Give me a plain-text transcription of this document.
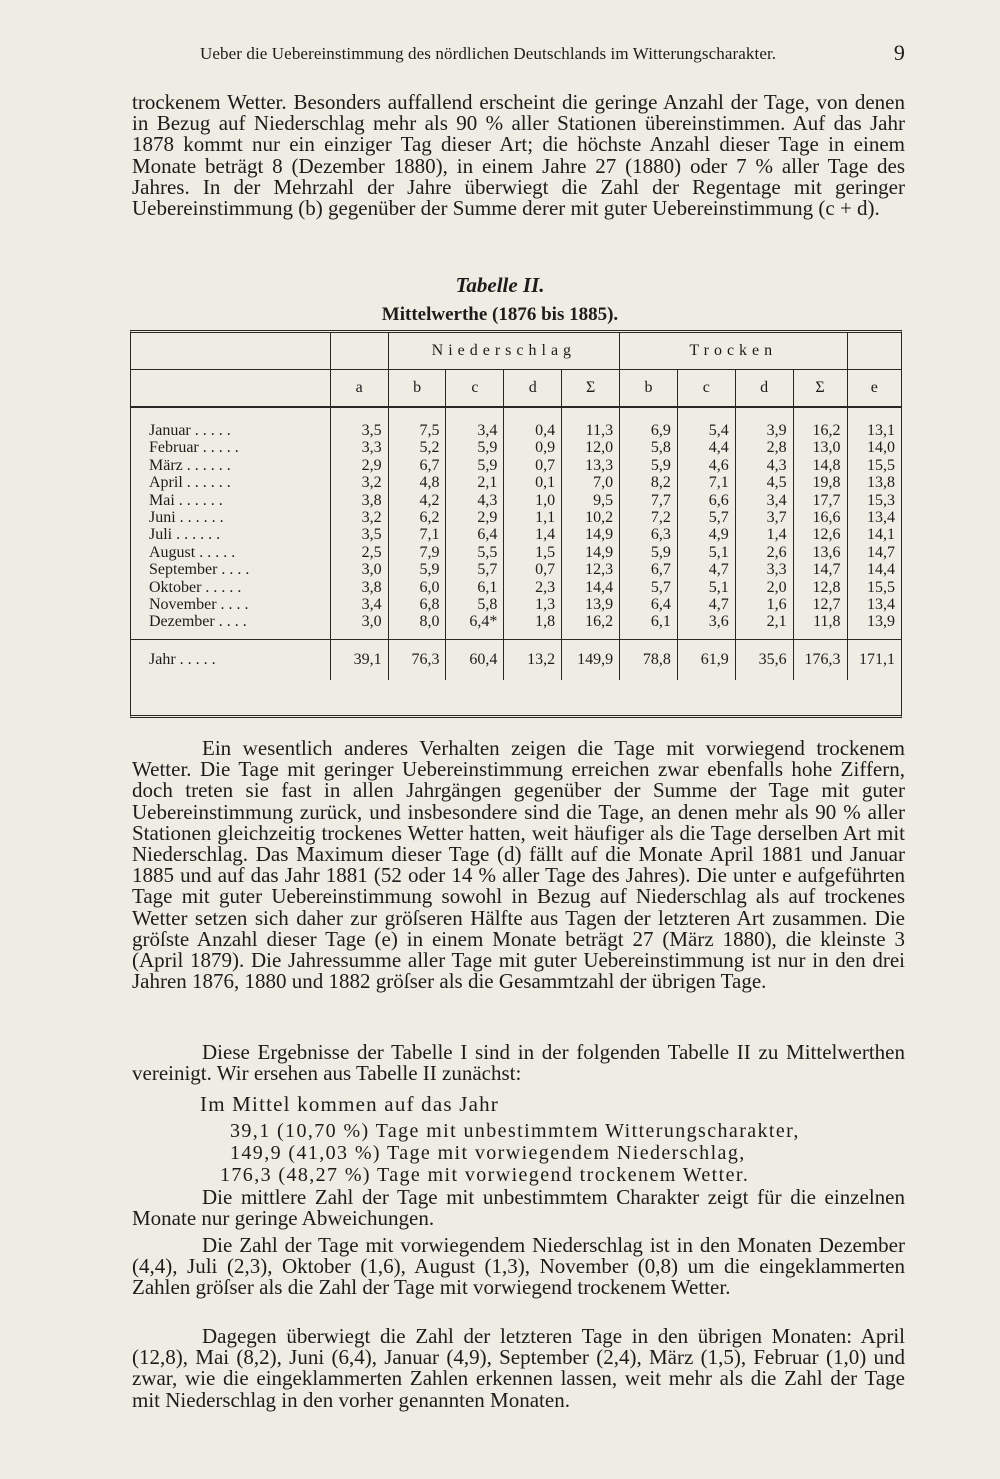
Ueber die Uebereinstimmung des nördlichen Deutschlands im Witterungscharakter.	9
trockenem Wetter. Besonders auffallend erscheint die geringe Anzahl der Tage, von denen in Bezug auf Niederschlag mehr als 90 % aller Stationen übereinstimmen. Auf das Jahr 1878 kommt nur ein einziger Tag dieser Art; die höchste Anzahl dieser Tage in einem Monate beträgt 8 (Dezember 1880), in einem Jahre 27 (1880) oder 7 % aller Tage des Jahres. In der Mehrzahl der Jahre überwiegt die Zahl der Regentage mit geringer Uebereinstimmung (b) gegenüber der Summe derer mit guter Uebereinstimmung (c + d).
Tabelle II.
Mittelwerthe (1876 bis 1885).
		Niederschlag				Trocken				
	a	b	c	d	Σ	b	c	d	Σ	e
Januar . . . . .	3,5	7,5	3,4	0,4	11,3	6,9	5,4	3,9	16,2	13,1
Februar . . . . .	3,3	5,2	5,9	0,9	12,0	5,8	4,4	2,8	13,0	14,0
März . . . . . .	2,9	6,7	5,9	0,7	13,3	5,9	4,6	4,3	14,8	15,5
April . . . . . .	3,2	4,8	2,1	0,1	7,0	8,2	7,1	4,5	19,8	13,8
Mai . . . . . .	3,8	4,2	4,3	1,0	9,5	7,7	6,6	3,4	17,7	15,3
Juni . . . . . .	3,2	6,2	2,9	1,1	10,2	7,2	5,7	3,7	16,6	13,4
Juli . . . . . .	3,5	7,1	6,4	1,4	14,9	6,3	4,9	1,4	12,6	14,1
August . . . . .	2,5	7,9	5,5	1,5	14,9	5,9	5,1	2,6	13,6	14,7
September . . . .	3,0	5,9	5,7	0,7	12,3	6,7	4,7	3,3	14,7	14,4
Oktober . . . . .	3,8	6,0	6,1	2,3	14,4	5,7	5,1	2,0	12,8	15,5
November . . . .	3,4	6,8	5,8	1,3	13,9	6,4	4,7	1,6	12,7	13,4
Dezember . . . .	3,0	8,0	6,4*	1,8	16,2	6,1	3,6	2,1	11,8	13,9
Jahr . . . . .	39,1	76,3	60,4	13,2	149,9	78,8	61,9	35,6	176,3	171,1
Ein wesentlich anderes Verhalten zeigen die Tage mit vorwiegend trockenem Wetter. Die Tage mit geringer Uebereinstimmung erreichen zwar ebenfalls hohe Ziffern, doch treten sie fast in allen Jahrgängen gegenüber der Summe der Tage mit guter Uebereinstimmung zurück, und insbesondere sind die Tage, an denen mehr als 90 % aller Stationen gleichzeitig trockenes Wetter hatten, weit häufiger als die Tage derselben Art mit Niederschlag. Das Maximum dieser Tage (d) fällt auf die Monate April 1881 und Januar 1885 und auf das Jahr 1881 (52 oder 14 % aller Tage des Jahres). Die unter e aufgeführten Tage mit guter Uebereinstimmung sowohl in Bezug auf Niederschlag als auf trockenes Wetter setzen sich daher zur gröſseren Hälfte aus Tagen der letzteren Art zusammen. Die gröſste Anzahl dieser Tage (e) in einem Monate beträgt 27 (März 1880), die kleinste 3 (April 1879). Die Jahressumme aller Tage mit guter Uebereinstimmung ist nur in den drei Jahren 1876, 1880 und 1882 gröſser als die Gesammtzahl der übrigen Tage.
Diese Ergebnisse der Tabelle I sind in der folgenden Tabelle II zu Mittelwerthen vereinigt. Wir ersehen aus Tabelle II zunächst:
Im Mittel kommen auf das Jahr
39,1 (10,70 %) Tage mit unbestimmtem Witterungscharakter,
149,9 (41,03 %) Tage mit vorwiegendem Niederschlag,
176,3 (48,27 %) Tage mit vorwiegend trockenem Wetter.
Die mittlere Zahl der Tage mit unbestimmtem Charakter zeigt für die einzelnen Monate nur geringe Abweichungen.
Die Zahl der Tage mit vorwiegendem Niederschlag ist in den Monaten Dezember (4,4), Juli (2,3), Oktober (1,6), August (1,3), November (0,8) um die eingeklammerten Zahlen gröſser als die Zahl der Tage mit vorwiegend trockenem Wetter.
Dagegen überwiegt die Zahl der letzteren Tage in den übrigen Monaten: April (12,8), Mai (8,2), Juni (6,4), Januar (4,9), September (2,4), März (1,5), Februar (1,0) und zwar, wie die eingeklammerten Zahlen erkennen lassen, weit mehr als die Zahl der Tage mit Niederschlag in den vorher genannten Monaten.
